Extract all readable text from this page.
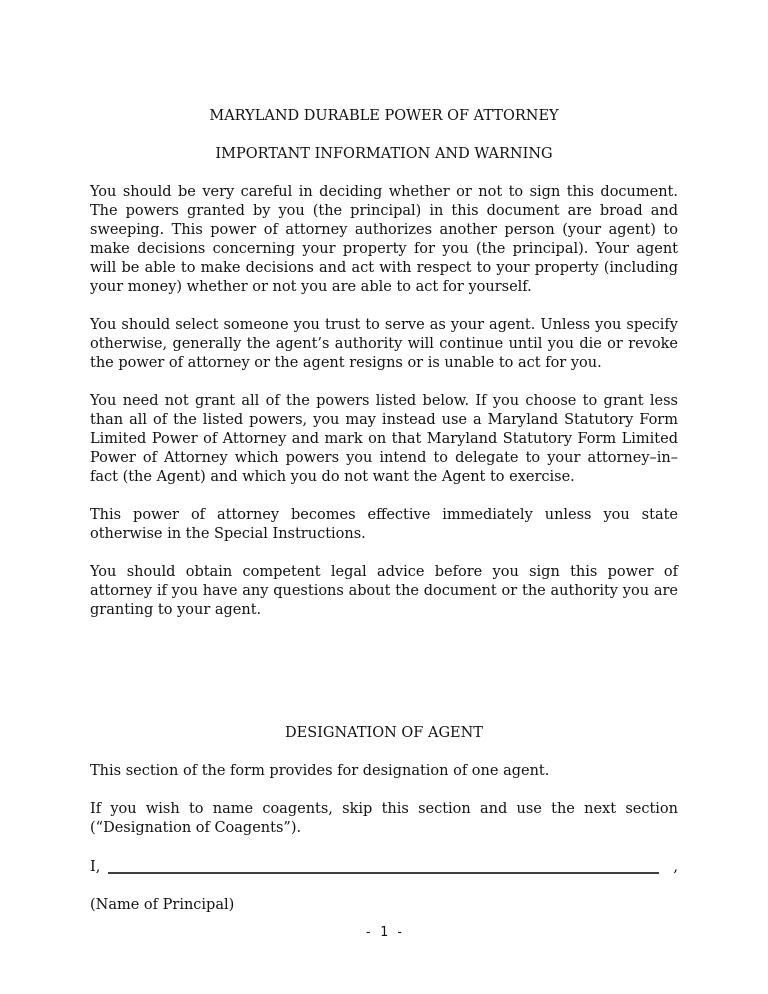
MARYLAND DURABLE POWER OF ATTORNEY

IMPORTANT INFORMATION AND WARNING

You should be very careful in deciding whether or not to sign this document. The powers granted by you (the principal) in this document are broad and sweeping. This power of attorney authorizes another person (your agent) to make decisions concerning your property for you (the principal). Your agent will be able to make decisions and act with respect to your property (including your money) whether or not you are able to act for yourself.

You should select someone you trust to serve as your agent. Unless you specify otherwise, generally the agent’s authority will continue until you die or revoke the power of attorney or the agent resigns or is unable to act for you.

You need not grant all of the powers listed below. If you choose to grant less than all of the listed powers, you may instead use a Maryland Statutory Form Limited Power of Attorney and mark on that Maryland Statutory Form Limited Power of Attorney which powers you intend to delegate to your attorney–in–fact (the Agent) and which you do not want the Agent to exercise.

This power of attorney becomes effective immediately unless you state otherwise in the Special Instructions.

You should obtain competent legal advice before you sign this power of attorney if you have any questions about the document or the authority you are granting to your agent.

DESIGNATION OF AGENT

This section of the form provides for designation of one agent.

If you wish to name coagents, skip this section and use the next section (“Designation of Coagents”).

I,	,

(Name of Principal)

- 1 -
